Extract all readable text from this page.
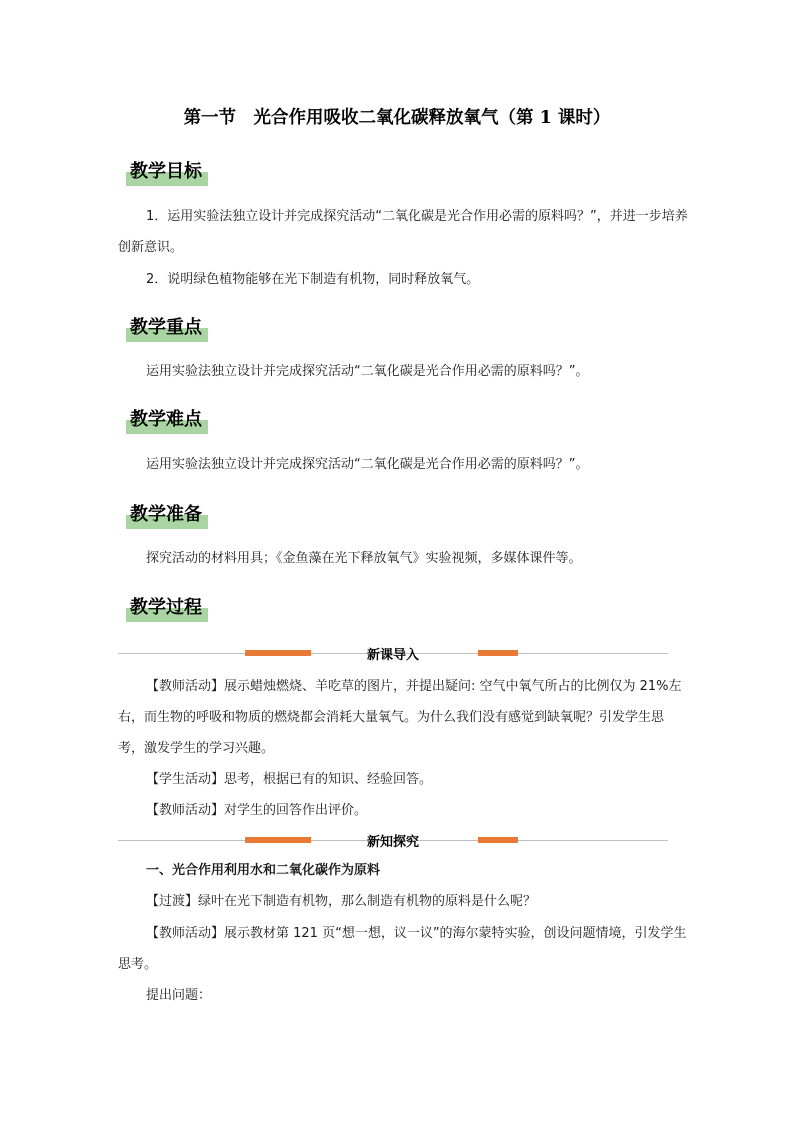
第一节　光合作用吸收二氧化碳释放氧气（第 1 课时）
教学目标

1．运用实验法独立设计并完成探究活动“二氧化碳是光合作用必需的原料吗？”，并进一步培养创新意识。

2．说明绿色植物能够在光下制造有机物，同时释放氧气。

教学重点

运用实验法独立设计并完成探究活动“二氧化碳是光合作用必需的原料吗？”。

教学难点

运用实验法独立设计并完成探究活动“二氧化碳是光合作用必需的原料吗？”。

教学准备

探究活动的材料用具；《金鱼藻在光下释放氧气》实验视频，多媒体课件等。

教学过程
新课导入

【教师活动】展示蜡烛燃烧、羊吃草的图片，并提出疑问: 空气中氧气所占的比例仅为 21%左右，而生物的呼吸和物质的燃烧都会消耗大量氧气。为什么我们没有感觉到缺氧呢？引发学生思考，激发学生的学习兴趣。

【学生活动】思考，根据已有的知识、经验回答。

【教师活动】对学生的回答作出评价。

新知探究

一、光合作用利用水和二氧化碳作为原料

【过渡】绿叶在光下制造有机物，那么制造有机物的原料是什么呢？

【教师活动】展示教材第 121 页“想一想，议一议”的海尔蒙特实验，创设问题情境，引发学生思考。

提出问题：
